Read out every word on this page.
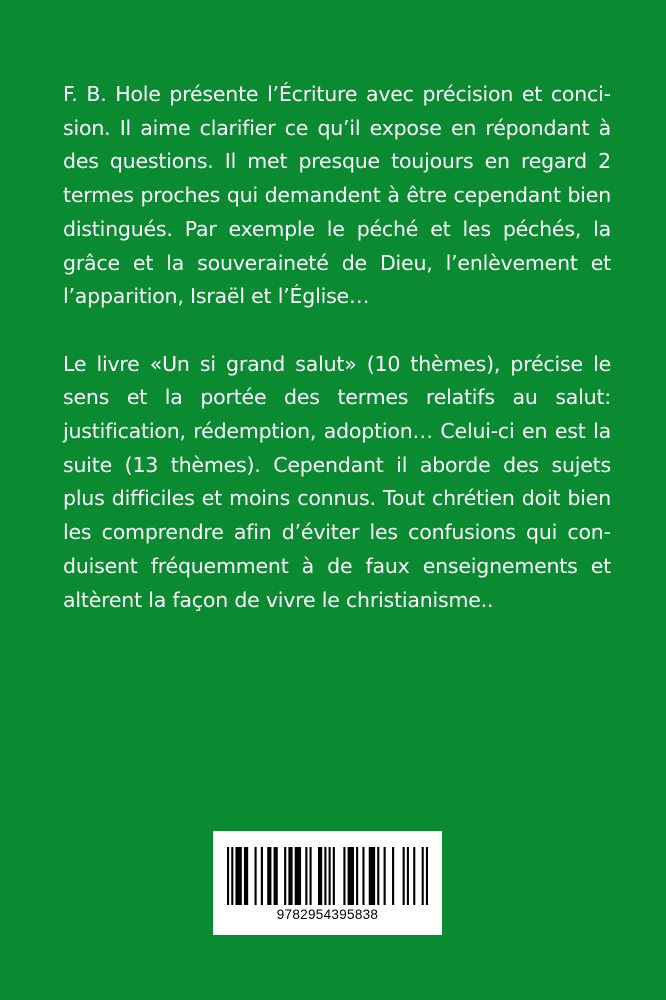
F. B. Hole présente l’Écriture avec précision et concision. Il aime clarifier ce qu’il expose en répondant à des questions. Il met presque toujours en regard 2 termes proches qui demandent à être cependant bien distingués. Par exemple le péché et les péchés, la grâce et la souveraineté de Dieu, l’enlèvement et l’apparition, Israël et l’Église…

Le livre «Un si grand salut» (10 thèmes), précise le sens et la portée des termes relatifs au salut: justification, rédemption, adoption… Celui-ci en est la suite (13 thèmes). Cependant il aborde des sujets plus difficiles et moins connus. Tout chrétien doit bien les comprendre afin d’éviter les confusions qui conduisent fréquemment à de faux enseignements et altèrent la façon de vivre le christianisme..

9782954395838
